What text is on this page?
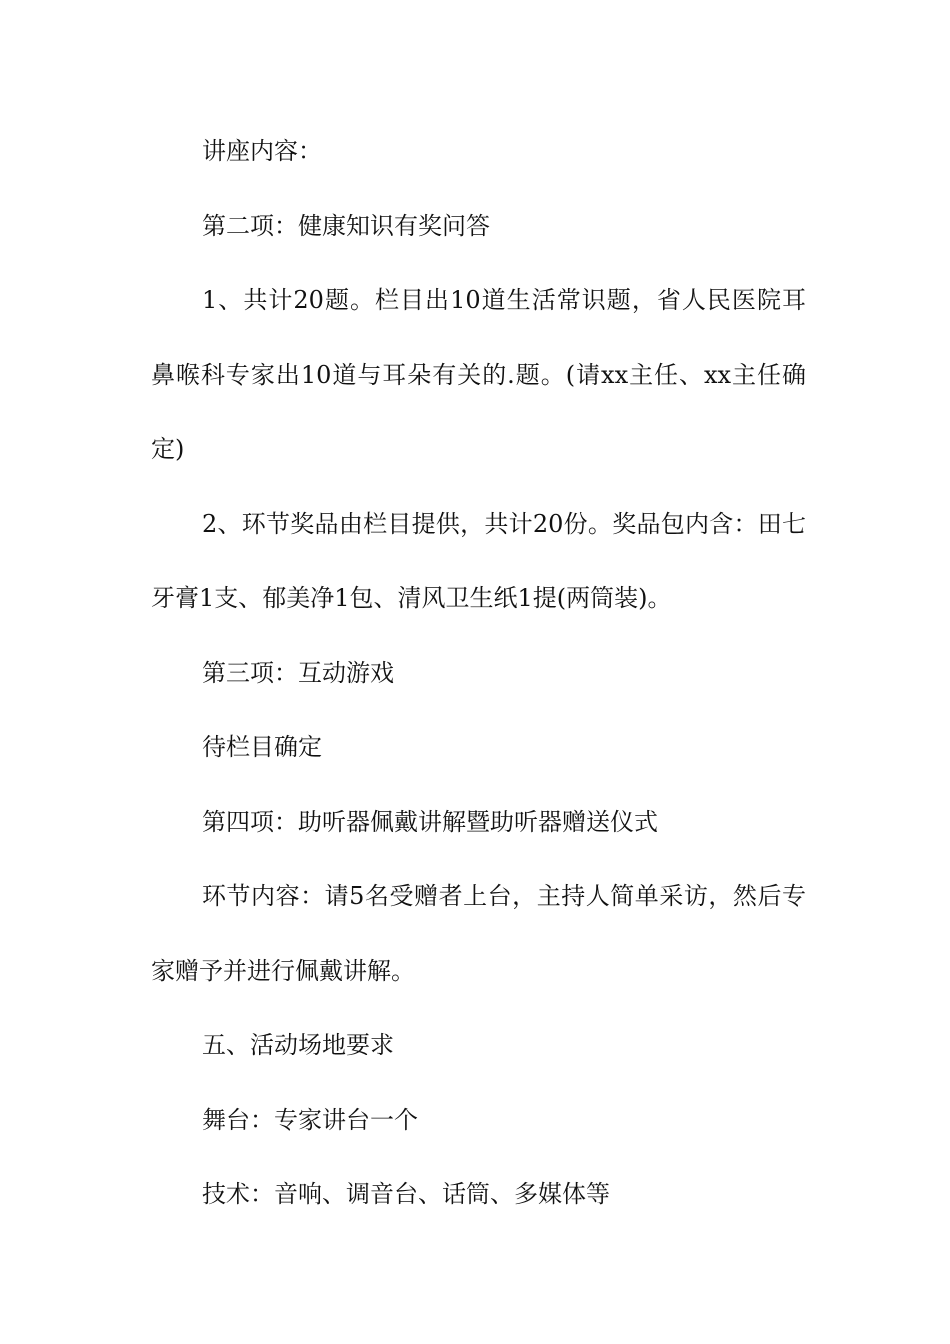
讲座内容：

第二项：健康知识有奖问答

1、共计20题。栏目出10道生活常识题，省人民医院耳鼻喉科专家出10道与耳朵有关的.题。(请xx主任、xx主任确定)

2、环节奖品由栏目提供，共计20份。奖品包内含：田七牙膏1支、郁美净1包、清风卫生纸1提(两筒装)。

第三项：互动游戏

待栏目确定

第四项：助听器佩戴讲解暨助听器赠送仪式

环节内容：请5名受赠者上台，主持人简单采访，然后专家赠予并进行佩戴讲解。

五、活动场地要求

舞台：专家讲台一个

技术：音响、调音台、话筒、多媒体等
